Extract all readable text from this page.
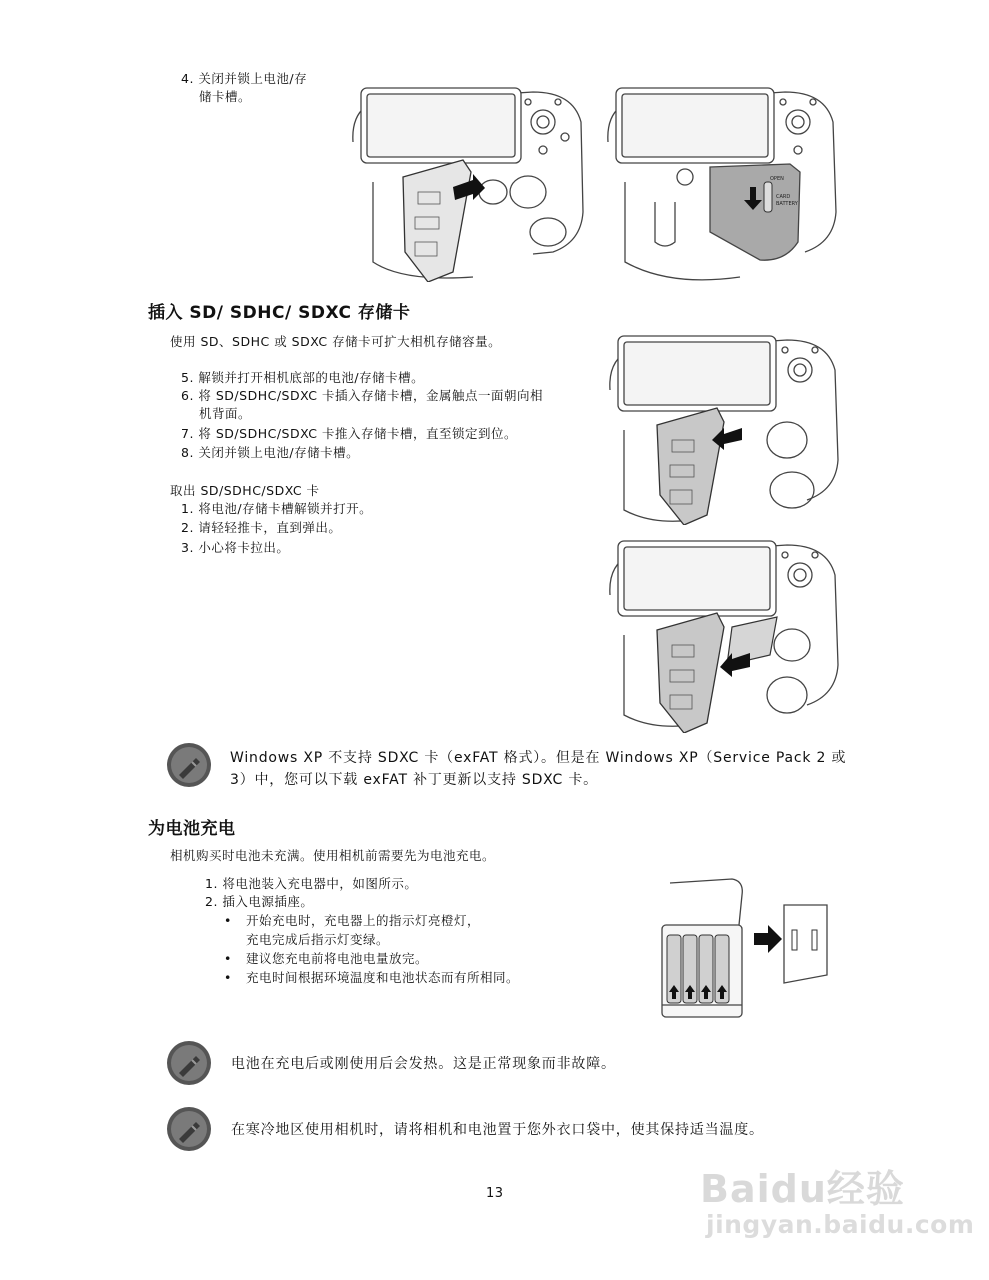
4. 关闭并锁上电池/存
储卡槽。
OPEN
CARD
BATTERY
插入 SD/ SDHC/ SDXC 存储卡
使用 SD、SDHC 或 SDXC 存储卡可扩大相机存储容量。
5. 解锁并打开相机底部的电池/存储卡槽。
6. 将 SD/SDHC/SDXC 卡插入存储卡槽，金属触点一面朝向相
机背面。
7. 将 SD/SDHC/SDXC 卡推入存储卡槽，直至锁定到位。
8. 关闭并锁上电池/存储卡槽。
取出 SD/SDHC/SDXC 卡
1. 将电池/存储卡槽解锁并打开。
2. 请轻轻推卡，直到弹出。
3. 小心将卡拉出。
Windows XP 不支持 SDXC 卡（exFAT 格式）。但是在 Windows XP（Service Pack 2 或
3）中，您可以下载 exFAT 补丁更新以支持 SDXC 卡。
为电池充电
相机购买时电池未充满。使用相机前需要先为电池充电。
1. 将电池装入充电器中，如图所示。
2. 插入电源插座。
• 开始充电时，充电器上的指示灯亮橙灯，
充电完成后指示灯变绿。
• 建议您充电前将电池电量放完。
• 充电时间根据环境温度和电池状态而有所相同。
电池在充电后或刚使用后会发热。这是正常现象而非故障。
在寒冷地区使用相机时，请将相机和电池置于您外衣口袋中，使其保持适当温度。
13	Baidu经验
jingyan.baidu.com
